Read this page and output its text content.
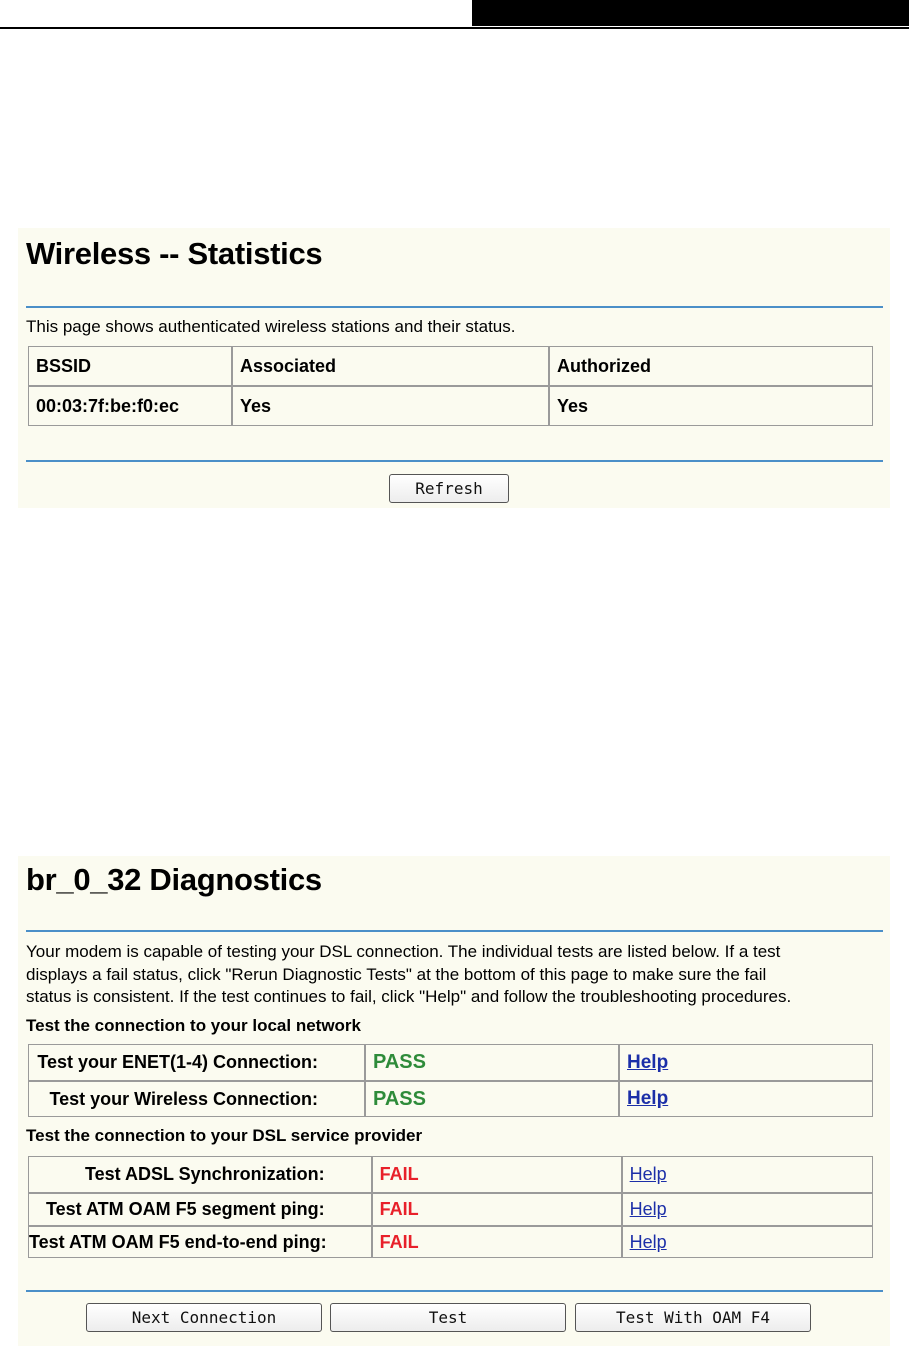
Wireless -- Statistics

This page shows authenticated wireless stations and their status.

BSSID	Associated	Authorized
00:03:7f:be:f0:ec	Yes	Yes
Refresh
br_0_32 Diagnostics

Your modem is capable of testing your DSL connection. The individual tests are listed below. If a test
displays a fail status, click "Rerun Diagnostic Tests" at the bottom of this page to make sure the fail
status is consistent. If the test continues to fail, click "Help" and follow the troubleshooting procedures.

Test the connection to your local network

Test your ENET(1-4) Connection:	PASS	Help
Test your Wireless Connection:	PASS	Help

Test the connection to your DSL service provider

Test ADSL Synchronization:	FAIL	Help
Test ATM OAM F5 segment ping:	FAIL	Help
Test ATM OAM F5 end-to-end ping:	FAIL	Help
Next Connection	Test	Test With OAM F4
